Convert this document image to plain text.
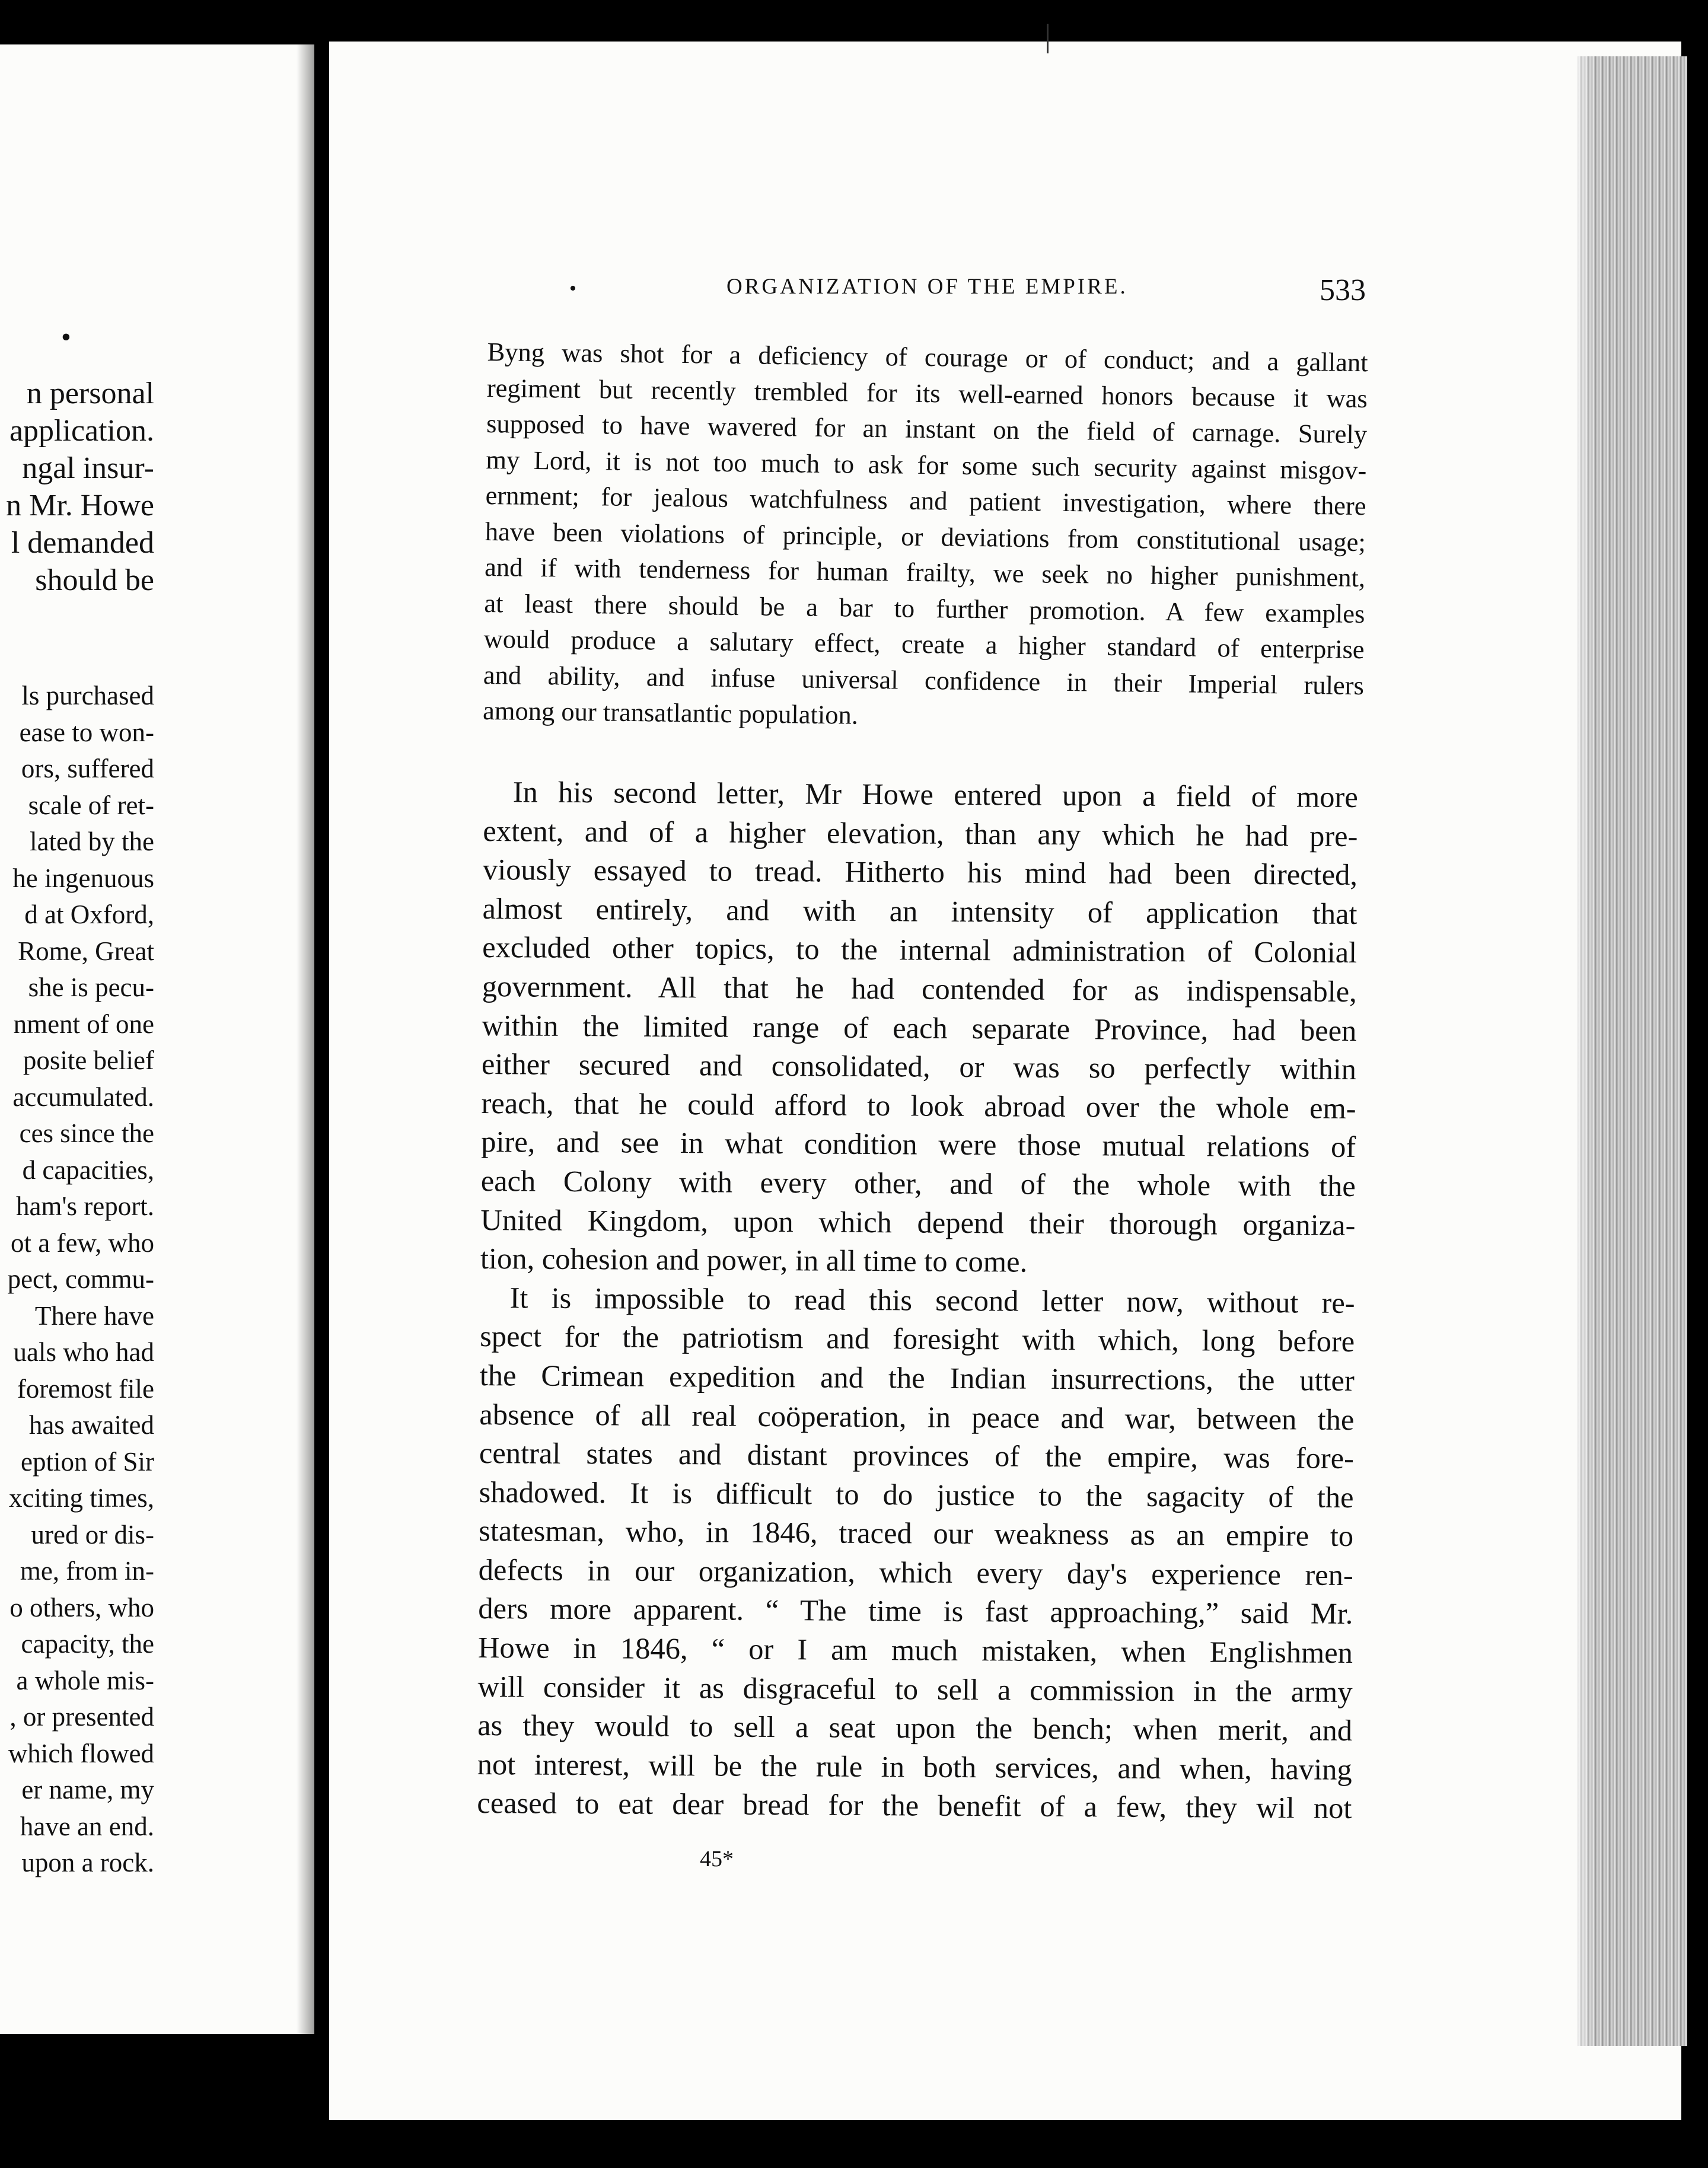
•
n personal
application.
ngal insur-
n Mr. Howe
l demanded
should be
ls purchased
ease to won-
ors, suffered
scale of ret-
lated by the
he ingenuous
d at Oxford,
Rome, Great
she is pecu-
nment of one
posite belief
accumulated.
ces since the
d capacities,
ham's report.
ot a few, who
pect, commu-
There have
uals who had
foremost file
has awaited
eption of Sir
xciting times,
ured or dis-
me, from in-
o others, who
capacity, the
a whole mis-
, or presented
which flowed
er name, my
have an end.
upon a rock.
•	ORGANIZATION OF THE EMPIRE.	533
Byng was shot for a deficiency of courage or of conduct; and a gallant
regiment but recently trembled for its well-earned honors because it was
supposed to have wavered for an instant on the field of carnage. Surely
my Lord, it is not too much to ask for some such security against misgov-
ernment; for jealous watchfulness and patient investigation, where there
have been violations of principle, or deviations from constitutional usage;
and if with tenderness for human frailty, we seek no higher punishment,
at least there should be a bar to further promotion. A few examples
would produce a salutary effect, create a higher standard of enterprise
and ability, and infuse universal confidence in their Imperial rulers
among our transatlantic population.
In his second letter, Mr Howe entered upon a field of more
extent, and of a higher elevation, than any which he had pre-
viously essayed to tread. Hitherto his mind had been directed,
almost entirely, and with an intensity of application that
excluded other topics, to the internal administration of Colonial
government. All that he had contended for as indispensable,
within the limited range of each separate Province, had been
either secured and consolidated, or was so perfectly within
reach, that he could afford to look abroad over the whole em-
pire, and see in what condition were those mutual relations of
each Colony with every other, and of the whole with the
United Kingdom, upon which depend their thorough organiza-
tion, cohesion and power, in all time to come.
It is impossible to read this second letter now, without re-
spect for the patriotism and foresight with which, long before
the Crimean expedition and the Indian insurrections, the utter
absence of all real coöperation, in peace and war, between the
central states and distant provinces of the empire, was fore-
shadowed. It is difficult to do justice to the sagacity of the
statesman, who, in 1846, traced our weakness as an empire to
defects in our organization, which every day's experience ren-
ders more apparent. “ The time is fast approaching,” said Mr.
Howe in 1846, “ or I am much mistaken, when Englishmen
will consider it as disgraceful to sell a commission in the army
as they would to sell a seat upon the bench; when merit, and
not interest, will be the rule in both services, and when, having
ceased to eat dear bread for the benefit of a few, they wil not
45*
